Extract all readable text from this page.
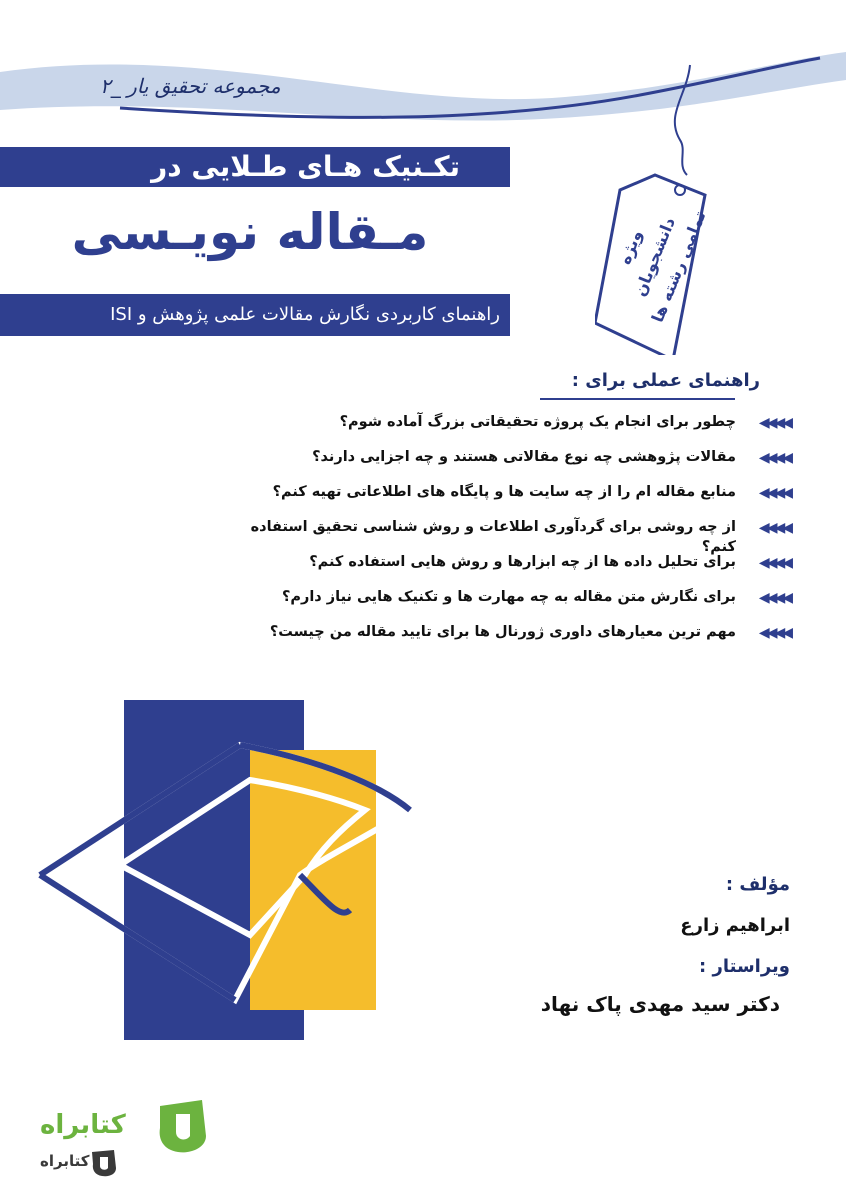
مجموعه تحقیق یار _۲
ویژه دانشجویان تمامی رشته ها
تکـنیک هـای طـلایی در
مـقاله نویـسی
راهنمای کاربردی نگارش مقالات علمی پژوهش و ISI
راهنمای عملی برای :
◀◀◀◀
چطور برای انجام یک پروژه تحقیقاتی بزرگ آماده شوم؟
◀◀◀◀
مقالات پژوهشی چه نوع مقالاتی هستند و چه اجزایی دارند؟
◀◀◀◀
منابع مقاله ام را از چه سایت ها و پایگاه های اطلاعاتی تهیه کنم؟
◀◀◀◀
از چه روشی برای گردآوری اطلاعات و روش شناسی تحقیق استفاده کنم؟
◀◀◀◀
برای تحلیل داده ها از چه ابزارها و روش هایی استفاده کنم؟
◀◀◀◀
برای نگارش متن مقاله به چه مهارت ها و تکنیک هایی نیاز دارم؟
◀◀◀◀
مهم ترین معیارهای داوری ژورنال ها برای تایید مقاله من چیست؟
مؤلف :
ابراهیم زارع
ویراستار :
دکتر سید مهدی پاک نهاد
کتابراه
کتابراه
